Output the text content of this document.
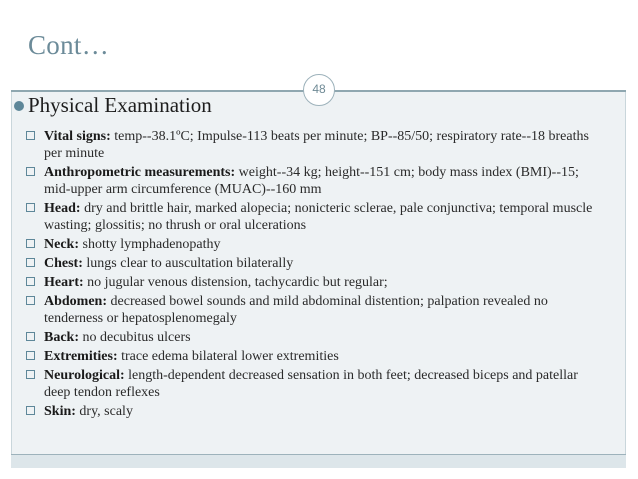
Cont…
48
Physical Examination
Vital signs: temp--38.1ºC; Impulse-113 beats per minute; BP--85/50; respiratory rate--18 breaths per minute
Anthropometric measurements: weight--34 kg; height--151 cm; body mass index (BMI)--15; mid-upper arm circumference (MUAC)--160 mm
Head: dry and brittle hair, marked alopecia; nonicteric sclerae, pale conjunctiva; temporal muscle wasting; glossitis; no thrush or oral ulcerations
Neck: shotty lymphadenopathy
Chest: lungs clear to auscultation bilaterally
Heart: no jugular venous distension, tachycardic but regular;
Abdomen: decreased bowel sounds and mild abdominal distention; palpation revealed no tenderness or hepatosplenomegaly
Back: no decubitus ulcers
Extremities: trace edema bilateral lower extremities
Neurological: length-dependent decreased sensation in both feet; decreased biceps and patellar deep tendon reflexes
Skin: dry, scaly
